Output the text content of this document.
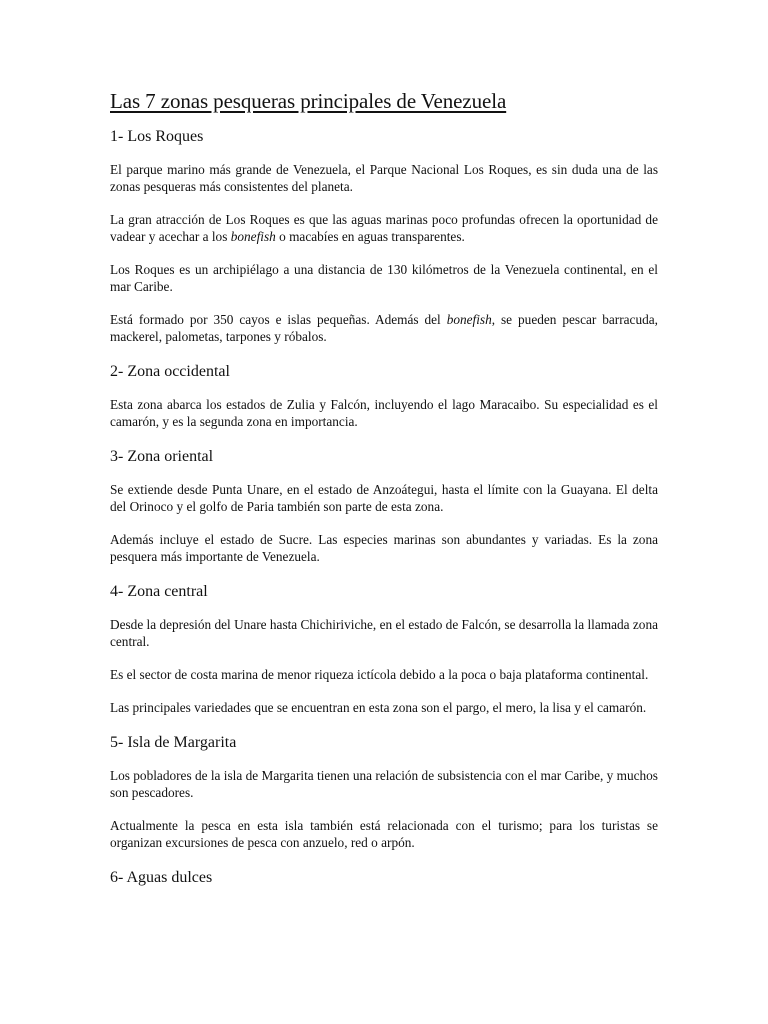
Las 7 zonas pesqueras principales de Venezuela
1- Los Roques

El parque marino más grande de Venezuela, el Parque Nacional Los Roques, es sin duda una de las zonas pesqueras más consistentes del planeta.

La gran atracción de Los Roques es que las aguas marinas poco profundas ofrecen la oportunidad de vadear y acechar a los bonefish o macabíes en aguas transparentes.

Los Roques es un archipiélago a una distancia de 130 kilómetros de la Venezuela continental, en el mar Caribe.

Está formado por 350 cayos e islas pequeñas. Además del bonefish, se pueden pescar barracuda, mackerel, palometas, tarpones y róbalos.

2- Zona occidental

Esta zona abarca los estados de Zulia y Falcón, incluyendo el lago Maracaibo. Su especialidad es el camarón, y es la segunda zona en importancia.

3- Zona oriental

Se extiende desde Punta Unare, en el estado de Anzoátegui, hasta el límite con la Guayana. El delta del Orinoco y el golfo de Paria también son parte de esta zona.

Además incluye el estado de Sucre. Las especies marinas son abundantes y variadas. Es la zona pesquera más importante de Venezuela.

4- Zona central

Desde la depresión del Unare hasta Chichiriviche, en el estado de Falcón, se desarrolla la llamada zona central.

Es el sector de costa marina de menor riqueza ictícola debido a la poca o baja plataforma continental.

Las principales variedades que se encuentran en esta zona son el pargo, el mero, la lisa y el camarón.

5- Isla de Margarita

Los pobladores de la isla de Margarita tienen una relación de subsistencia con el mar Caribe, y muchos son pescadores.

Actualmente la pesca en esta isla también está relacionada con el turismo; para los turistas se organizan excursiones de pesca con anzuelo, red o arpón.

6- Aguas dulces
